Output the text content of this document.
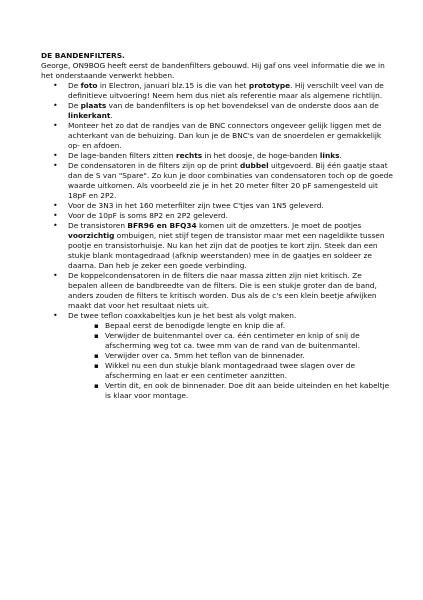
DE BANDENFILTERS.

George, ON9BOG heeft eerst de bandenfilters gebouwd. Hij gaf ons veel informatie die we in het onderstaande verwerkt hebben.

• De foto in Electron, januari blz.15 is die van het prototype. Hij verschilt veel van de definitieve uitvoering! Neem hem dus niet als referentie maar als algemene richtlijn.
• De plaats van de bandenfilters is op het bovendeksel van de onderste doos aan de linkerkant.
• Monteer het zo dat de randjes van de BNC connectors ongeveer gelijk liggen met de achterkant van de behuizing. Dan kun je de BNC's van de snoerdelen er gemakkelijk op- en afdoen.
• De lage-banden filters zitten rechts in het doosje, de hoge-banden links.
• De condensatoren in de filters zijn op de print dubbel uitgevoerd. Bij één gaatje staat dan de S van "Spare". Zo kun je door combinaties van condensatoren toch op de goede waarde uitkomen. Als voorbeeld zie je in het 20 meter filter 20 pF samengesteld uit 18pF en 2P2.
• Voor de 3N3 in het 160 meterfilter zijn twee C'tjes van 1N5 geleverd.
• Voor de 10pF is soms 8P2 en 2P2 geleverd.
• De transistoren BFR96 en BFQ34 komen uit de omzetters. Je moet de pootjes voorzichtig ombuigen, niet stijf tegen de transistor maar met een nageldikte tussen pootje en transistorhuisje. Nu kan het zijn dat de pootjes te kort zijn. Steek dan een stukje blank montagedraad (afknip weerstanden) mee in de gaatjes en soldeer ze daarna. Dan heb je zeker een goede verbinding.
• De koppelcondensatoren in de filters die naar massa zitten zijn niet kritisch. Ze bepalen alleen de bandbreedte van de filters. Die is een stukje groter dan de band, anders zouden de filters te kritisch worden. Dus als de c's een klein beetje afwijken maakt dat voor het resultaat niets uit.
• De twee teflon coaxkabeltjes kun je het best als volgt maken.
▪ Bepaal eerst de benodigde lengte en knip die af.
▪ Verwijder de buitenmantel over ca. één centimeter en knip of snij de afscherming weg tot ca. twee mm van de rand van de buitenmantel.
▪ Verwijder over ca. 5mm het teflon van de binnenader.
▪ Wikkel nu een dun stukje blank montagedraad twee slagen over de afscherming en laat er een centimeter aanzitten.
▪ Vertin dit, en ook de binnenader. Doe dit aan beide uiteinden en het kabeltje is klaar voor montage.
